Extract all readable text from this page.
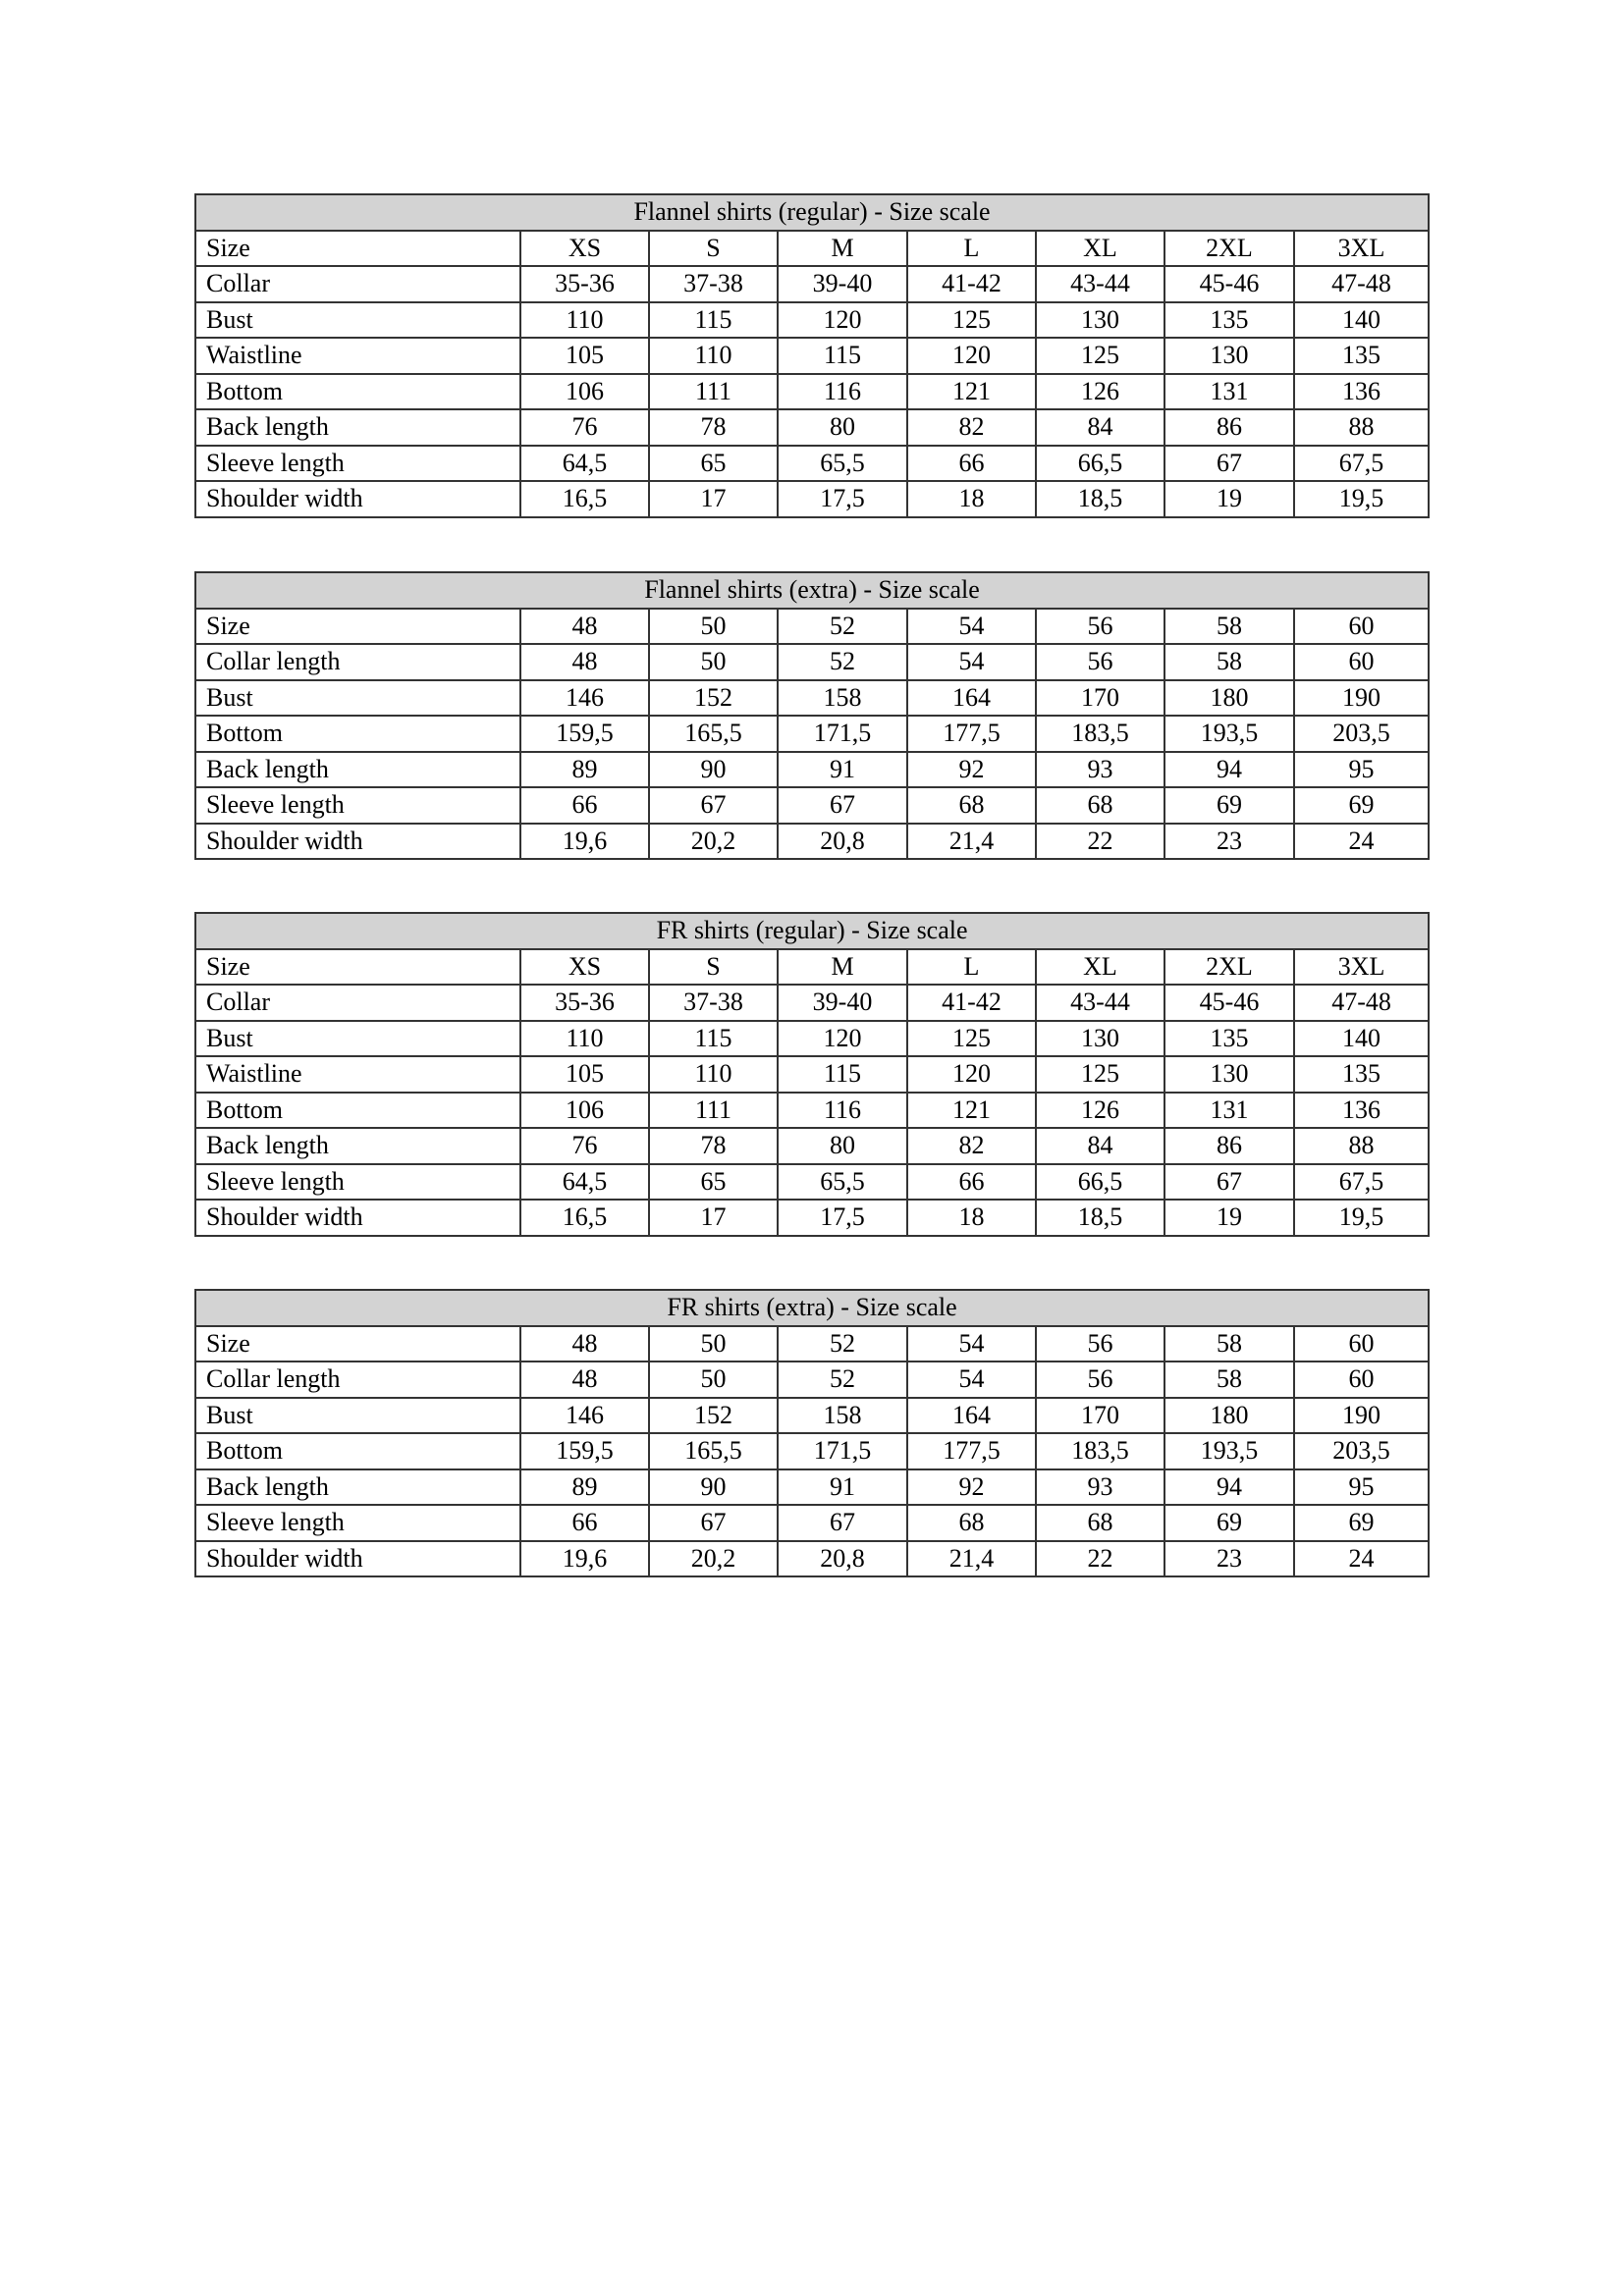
Flannel shirts (regular) - Size scale							
Size	XS	S	M	L	XL	2XL	3XL
Collar	35-36	37-38	39-40	41-42	43-44	45-46	47-48
Bust	110	115	120	125	130	135	140
Waistline	105	110	115	120	125	130	135
Bottom	106	111	116	121	126	131	136
Back length	76	78	80	82	84	86	88
Sleeve length	64,5	65	65,5	66	66,5	67	67,5
Shoulder width	16,5	17	17,5	18	18,5	19	19,5
Flannel shirts (extra) - Size scale							
Size	48	50	52	54	56	58	60
Collar length	48	50	52	54	56	58	60
Bust	146	152	158	164	170	180	190
Bottom	159,5	165,5	171,5	177,5	183,5	193,5	203,5
Back length	89	90	91	92	93	94	95
Sleeve length	66	67	67	68	68	69	69
Shoulder width	19,6	20,2	20,8	21,4	22	23	24
FR shirts (regular) - Size scale							
Size	XS	S	M	L	XL	2XL	3XL
Collar	35-36	37-38	39-40	41-42	43-44	45-46	47-48
Bust	110	115	120	125	130	135	140
Waistline	105	110	115	120	125	130	135
Bottom	106	111	116	121	126	131	136
Back length	76	78	80	82	84	86	88
Sleeve length	64,5	65	65,5	66	66,5	67	67,5
Shoulder width	16,5	17	17,5	18	18,5	19	19,5
FR shirts (extra) - Size scale							
Size	48	50	52	54	56	58	60
Collar length	48	50	52	54	56	58	60
Bust	146	152	158	164	170	180	190
Bottom	159,5	165,5	171,5	177,5	183,5	193,5	203,5
Back length	89	90	91	92	93	94	95
Sleeve length	66	67	67	68	68	69	69
Shoulder width	19,6	20,2	20,8	21,4	22	23	24
